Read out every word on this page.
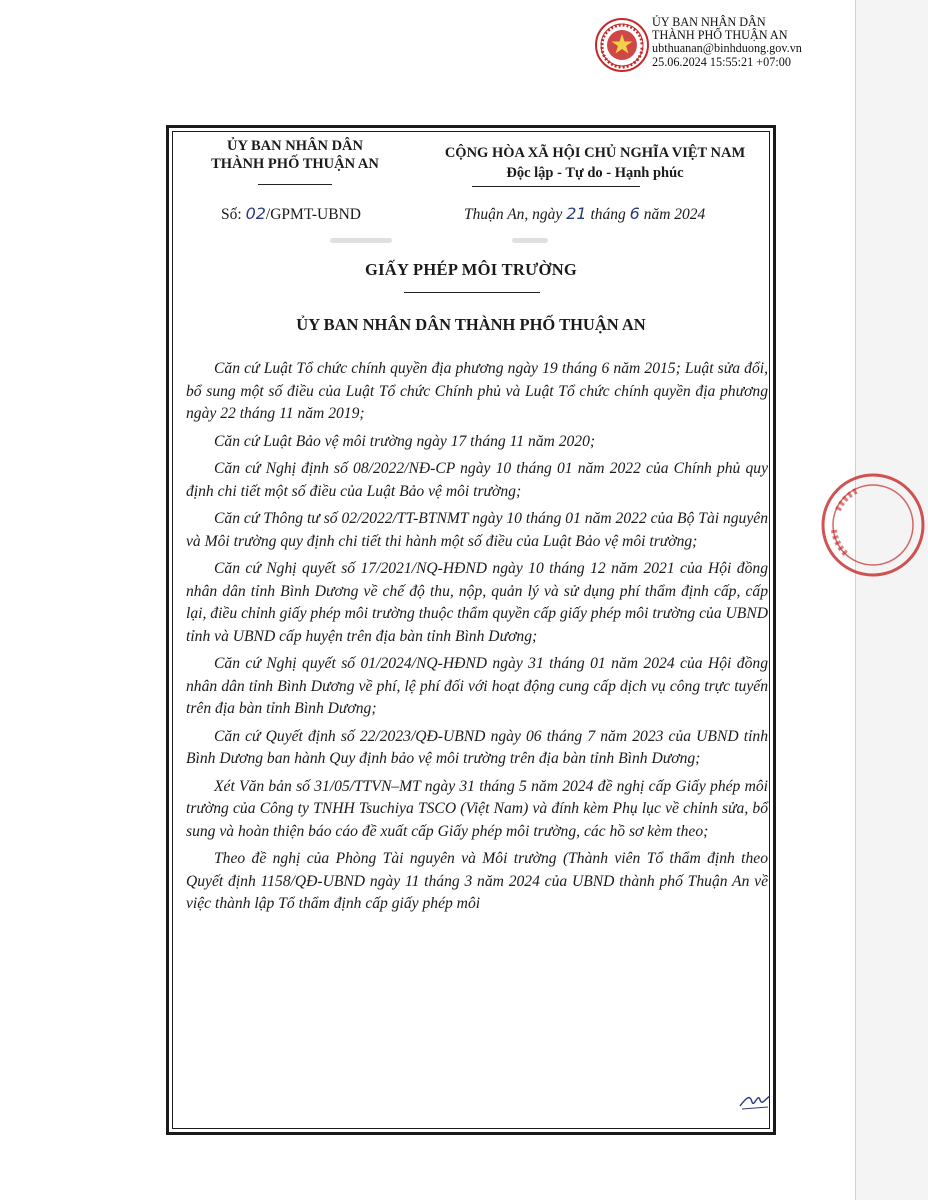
ỦY BAN NHÂN DÂN
THÀNH PHỐ THUẬN AN
ubthuanan@binhduong.gov.vn
25.06.2024 15:55:21 +07:00
ỦY BAN NHÂN DÂN
THÀNH PHỐ THUẬN AN
CỘNG HÒA XÃ HỘI CHỦ NGHĨA VIỆT NAM
Độc lập - Tự do - Hạnh phúc
Số: 02/GPMT-UBND	Thuận An, ngày 21 tháng 6 năm 2024
GIẤY PHÉP MÔI TRƯỜNG
ỦY BAN NHÂN DÂN THÀNH PHỐ THUẬN AN

Căn cứ Luật Tổ chức chính quyền địa phương ngày 19 tháng 6 năm 2015; Luật sửa đổi, bổ sung một số điều của Luật Tổ chức Chính phủ và Luật Tổ chức chính quyền địa phương ngày 22 tháng 11 năm 2019;

Căn cứ Luật Bảo vệ môi trường ngày 17 tháng 11 năm 2020;

Căn cứ Nghị định số 08/2022/NĐ-CP ngày 10 tháng 01 năm 2022 của Chính phủ quy định chi tiết một số điều của Luật Bảo vệ môi trường;

Căn cứ Thông tư số 02/2022/TT-BTNMT ngày 10 tháng 01 năm 2022 của Bộ Tài nguyên và Môi trường quy định chi tiết thi hành một số điều của Luật Bảo vệ môi trường;

Căn cứ Nghị quyết số 17/2021/NQ-HĐND ngày 10 tháng 12 năm 2021 của Hội đồng nhân dân tỉnh Bình Dương về chế độ thu, nộp, quản lý và sử dụng phí thẩm định cấp, cấp lại, điều chỉnh giấy phép môi trường thuộc thẩm quyền cấp giấy phép môi trường của UBND tỉnh và UBND cấp huyện trên địa bàn tỉnh Bình Dương;

Căn cứ Nghị quyết số 01/2024/NQ-HĐND ngày 31 tháng 01 năm 2024 của Hội đồng nhân dân tỉnh Bình Dương về phí, lệ phí đối với hoạt động cung cấp dịch vụ công trực tuyến trên địa bàn tỉnh Bình Dương;

Căn cứ Quyết định số 22/2023/QĐ-UBND ngày 06 tháng 7 năm 2023 của UBND tỉnh Bình Dương ban hành Quy định bảo vệ môi trường trên địa bàn tỉnh Bình Dương;

Xét Văn bản số 31/05/TTVN–MT ngày 31 tháng 5 năm 2024 đề nghị cấp Giấy phép môi trường của Công ty TNHH Tsuchiya TSCO (Việt Nam) và đính kèm Phụ lục về chỉnh sửa, bổ sung và hoàn thiện báo cáo đề xuất cấp Giấy phép môi trường, các hồ sơ kèm theo;

Theo đề nghị của Phòng Tài nguyên và Môi trường (Thành viên Tổ thẩm định theo Quyết định 1158/QĐ-UBND ngày 11 tháng 3 năm 2024 của UBND thành phố Thuận An về việc thành lập Tổ thẩm định cấp giấy phép môi
